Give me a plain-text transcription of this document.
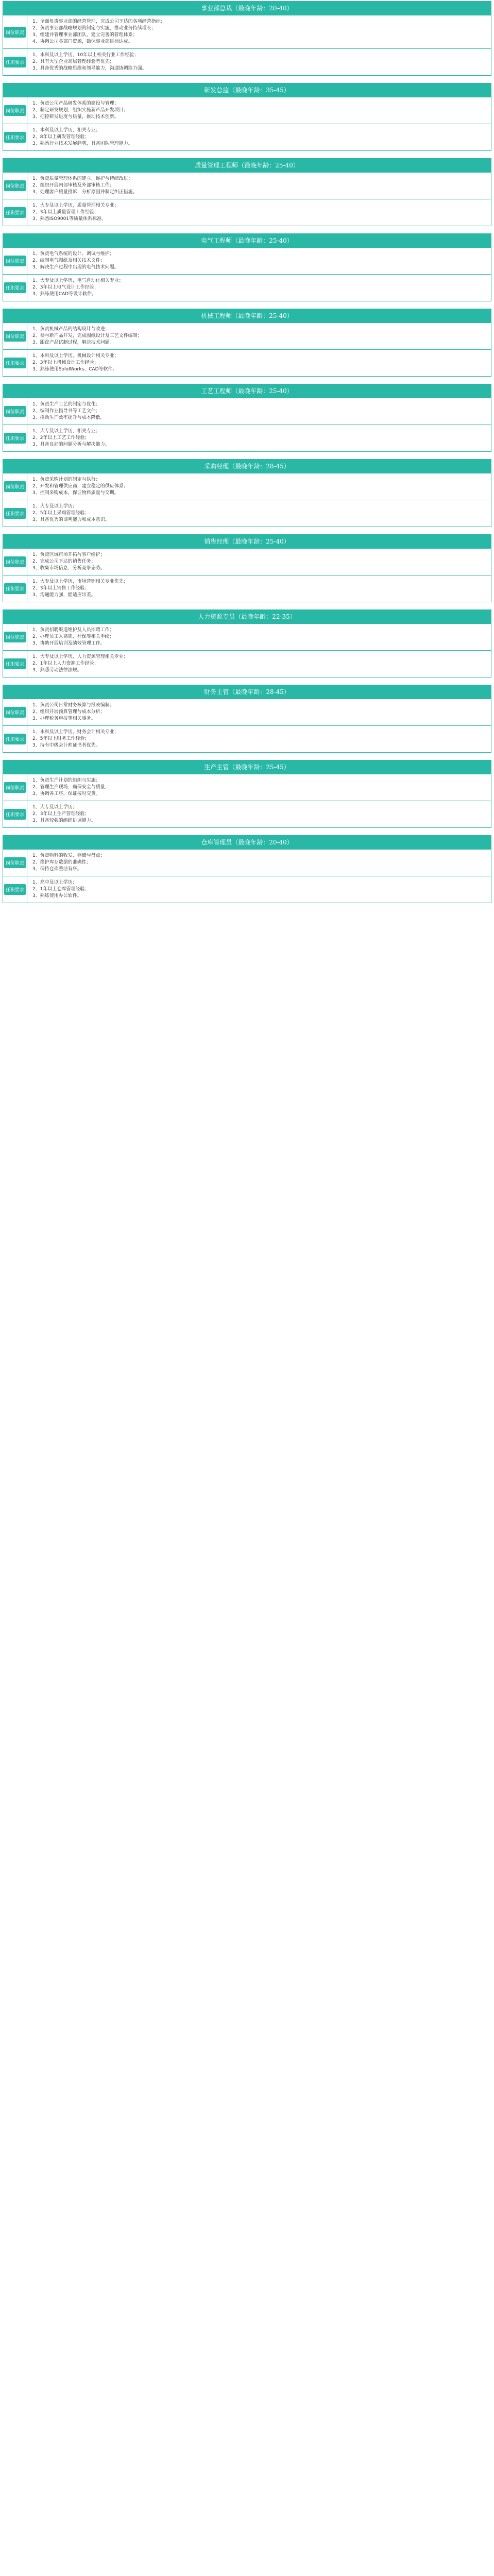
事业部总裁（最晚年龄：20-40）
岗位职责

1、全面负责事业部的经营管理，完成公司下达的各项经营指标；

2、负责事业部战略规划的制定与实施，推动业务持续增长；

3、组建并管理事业部团队，建立完善的管理体系；

4、协调公司各部门资源，确保事业部目标达成。

任职要求

1、本科及以上学历，10年以上相关行业工作经验；

2、具有大型企业高层管理经验者优先；

3、具备优秀的战略思维和领导能力，沟通协调能力强。

研发总监（最晚年龄：35-45）
岗位职责

1、负责公司产品研发体系的建设与管理；

2、制定研发规划，组织实施新产品开发项目；

3、把控研发进度与质量，推动技术创新。

任职要求

1、本科及以上学历，相关专业；

2、8年以上研发管理经验；

3、熟悉行业技术发展趋势，具备团队管理能力。

质量管理工程师（最晚年龄：25-40）
岗位职责

1、负责质量管理体系的建立、维护与持续改进；

2、组织开展内部审核及外部审核工作；

3、处理客户质量投诉，分析原因并制定纠正措施。

任职要求

1、大专及以上学历，质量管理相关专业；

2、3年以上质量管理工作经验；

3、熟悉ISO9001等质量体系标准。

电气工程师（最晚年龄：25-40）
岗位职责

1、负责电气系统的设计、调试与维护；

2、编制电气图纸及相关技术文件；

3、解决生产过程中出现的电气技术问题。

任职要求

1、大专及以上学历，电气自动化相关专业；

2、3年以上电气设计工作经验；

3、熟练使用CAD等设计软件。

机械工程师（最晚年龄：25-40）
岗位职责

1、负责机械产品的结构设计与改进；

2、参与新产品开发，完成图纸设计及工艺文件编制；

3、跟踪产品试制过程，解决技术问题。

任职要求

1、本科及以上学历，机械设计相关专业；

2、3年以上机械设计工作经验；

3、熟练使用SolidWorks、CAD等软件。

工艺工程师（最晚年龄：25-40）
岗位职责

1、负责生产工艺的制定与优化；

2、编制作业指导书等工艺文件；

3、推动生产效率提升与成本降低。

任职要求

1、大专及以上学历，相关专业；

2、2年以上工艺工作经验；

3、具备良好的问题分析与解决能力。

采购经理（最晚年龄：28-45）
岗位职责

1、负责采购计划的制定与执行；

2、开发和管理供应商，建立稳定的供应体系；

3、控制采购成本，保证物料质量与交期。

任职要求

1、大专及以上学历；

2、5年以上采购管理经验；

3、具备优秀的谈判能力和成本意识。

销售经理（最晚年龄：25-40）
岗位职责

1、负责区域市场开拓与客户维护；

2、完成公司下达的销售任务；

3、收集市场信息，分析竞争态势。

任职要求

1、大专及以上学历，市场营销相关专业优先；

2、3年以上销售工作经验；

3、沟通能力强，能适应出差。

人力资源专员（最晚年龄：22-35）
岗位职责

1、负责招聘渠道维护及人员招聘工作；

2、办理员工入离职、社保等相关手续；

3、协助开展培训及绩效管理工作。

任职要求

1、大专及以上学历，人力资源管理相关专业；

2、1年以上人力资源工作经验；

3、熟悉劳动法律法规。

财务主管（最晚年龄：28-45）
岗位职责

1、负责公司日常财务核算与报表编制；

2、组织开展预算管理与成本分析；

3、办理税务申报等相关事务。

任职要求

1、本科及以上学历，财务会计相关专业；

2、5年以上财务工作经验；

3、持有中级会计师证书者优先。

生产主管（最晚年龄：25-45）
岗位职责

1、负责生产计划的组织与实施；

2、管理生产现场，确保安全与质量；

3、协调各工序，保证按时交货。

任职要求

1、大专及以上学历；

2、3年以上生产管理经验；

3、具备较强的组织协调能力。

仓库管理员（最晚年龄：20-40）
岗位职责

1、负责物料的收发、存储与盘点；

2、维护库存数据的准确性；

3、保持仓库整洁有序。

任职要求

1、高中及以上学历；

2、1年以上仓库管理经验；

3、熟练使用办公软件。
